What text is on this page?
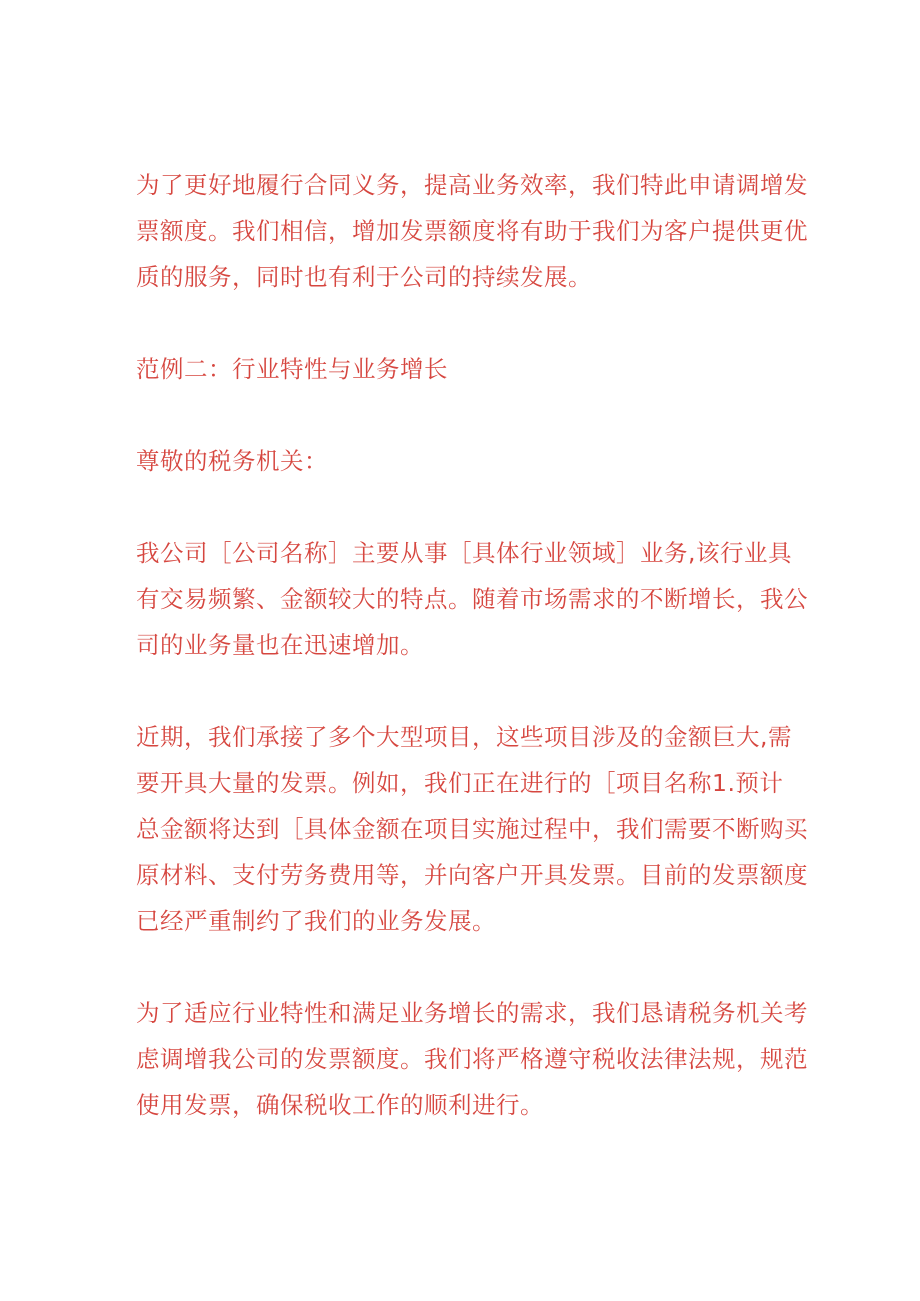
为了更好地履行合同义务，提高业务效率，我们特此申请调增发
票额度。我们相信，增加发票额度将有助于我们为客户提供更优
质的服务，同时也有利于公司的持续发展。

范例二：行业特性与业务增长

尊敬的税务机关：

我公司［公司名称］主要从事［具体行业领域］业务,该行业具
有交易频繁、金额较大的特点。随着市场需求的不断增长，我公
司的业务量也在迅速增加。

近期，我们承接了多个大型项目，这些项目涉及的金额巨大,需
要开具大量的发票。例如，我们正在进行的［项目名称1.预计
总金额将达到［具体金额在项目实施过程中，我们需要不断购买
原材料、支付劳务费用等，并向客户开具发票。目前的发票额度
已经严重制约了我们的业务发展。

为了适应行业特性和满足业务增长的需求，我们恳请税务机关考
虑调增我公司的发票额度。我们将严格遵守税收法律法规，规范
使用发票，确保税收工作的顺利进行。
